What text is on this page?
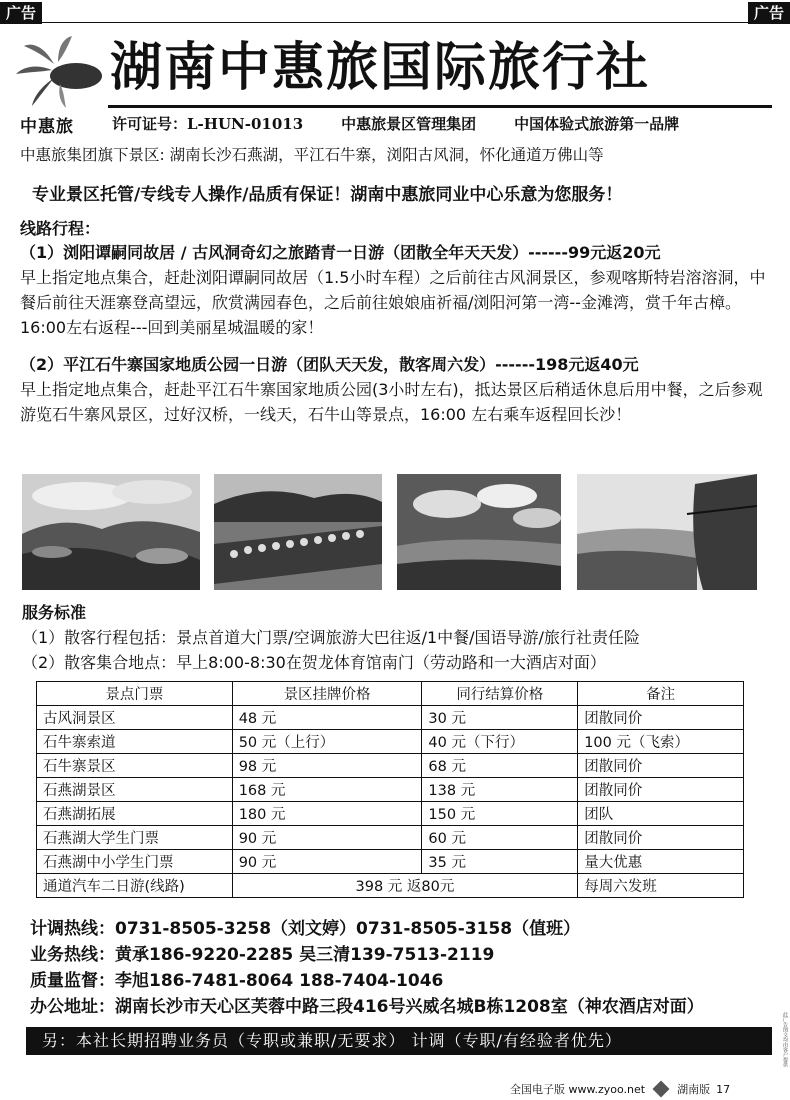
广告	广告
中惠旅
湖南中惠旅国际旅行社
许可证号：L-HUN-01013	中惠旅景区管理集团	中国体验式旅游第一品牌
中惠旅集团旗下景区: 湖南长沙石燕湖，平江石牛寨，浏阳古风洞，怀化通道万佛山等
专业景区托管/专线专人操作/品质有保证！湖南中惠旅同业中心乐意为您服务！
线路行程：
（1）浏阳谭嗣同故居 / 古风洞奇幻之旅踏青一日游（团散全年天天发）------99元返20元
早上指定地点集合，赶赴浏阳谭嗣同故居（1.5小时车程）之后前往古风洞景区，参观喀斯特岩溶溶洞，中餐后前往天涯寨登高望远，欣赏满园春色，之后前往娘娘庙祈福/浏阳河第一湾--金滩湾，赏千年古樟。16:00左右返程---回到美丽星城温暖的家！
（2）平江石牛寨国家地质公园一日游（团队天天发，散客周六发）------198元返40元
早上指定地点集合，赶赴平江石牛寨国家地质公园(3小时左右)，抵达景区后稍适休息后用中餐，之后参观游览石牛寨风景区，过好汉桥，一线天，石牛山等景点，16:00 左右乘车返程回长沙！
服务标准
（1）散客行程包括：景点首道大门票/空调旅游大巴往返/1中餐/国语导游/旅行社责任险
（2）散客集合地点：早上8:00-8:30在贺龙体育馆南门（劳动路和一大酒店对面）
景点门票	景区挂牌价格	同行结算价格	备注
古风洞景区	48 元	30 元	团散同价
石牛寨索道	50 元（上行）	40 元（下行）	100 元（飞索）
石牛寨景区	98 元	68 元	团散同价
石燕湖景区	168 元	138 元	团散同价
石燕湖拓展	180 元	150 元	团队
石燕湖大学生门票	90 元	60 元	团散同价
石燕湖中小学生门票	90 元	35 元	量大优惠
通道汽车二日游(线路)	398 元 返80元		每周六发班
计调热线：0731-8505-3258（刘文婷）0731-8505-3158（值班）
业务热线：黄承186-9220-2285 吴三清139-7513-2119
质量监督：李旭186-7481-8064 188-7404-1046
办公地址：湖南长沙市天心区芙蓉中路三段416号兴威名城B栋1208室（神农酒店对面）
另：本社长期招聘业务员（专职或兼职/无要求） 计调（专职/有经验者优先）	此广告图文均由客户提供
全国电子版 www.zyoo.net	湖南版 17
